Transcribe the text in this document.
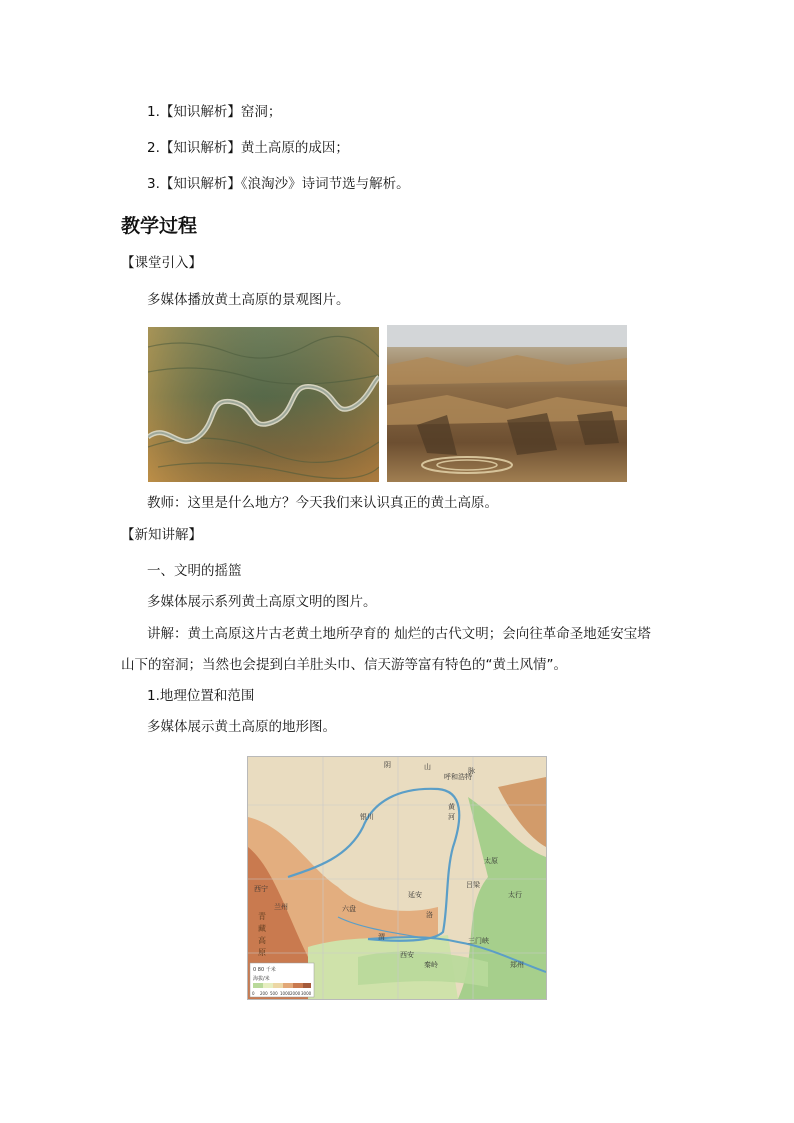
1.【知识解析】窑洞；
2.【知识解析】黄土高原的成因；
3.【知识解析】《浪淘沙》诗词节选与解析。
教学过程
【课堂引入】
多媒体播放黄土高原的景观图片。
教师：这里是什么地方？今天我们来认识真正的黄土高原。
【新知讲解】
一、文明的摇篮
多媒体展示系列黄土高原文明的图片。
讲解：黄土高原这片古老黄土地所孕育的 灿烂的古代文明；会向往革命圣地延安宝塔
山下的窑洞；当然也会提到白羊肚头巾、信天游等富有特色的“黄土风情”。
1.地理位置和范围
多媒体展示黄土高原的地形图。
阴	山	脉
呼和浩特
银川
西宁
兰州
太原
延安
西安
郑州
三门峡
六盘
吕梁
太行
秦岭
黄
河
洛
渭
青
藏
高
原
0 80 千米
海拔/米
0 200 500 1000 2000 3000
